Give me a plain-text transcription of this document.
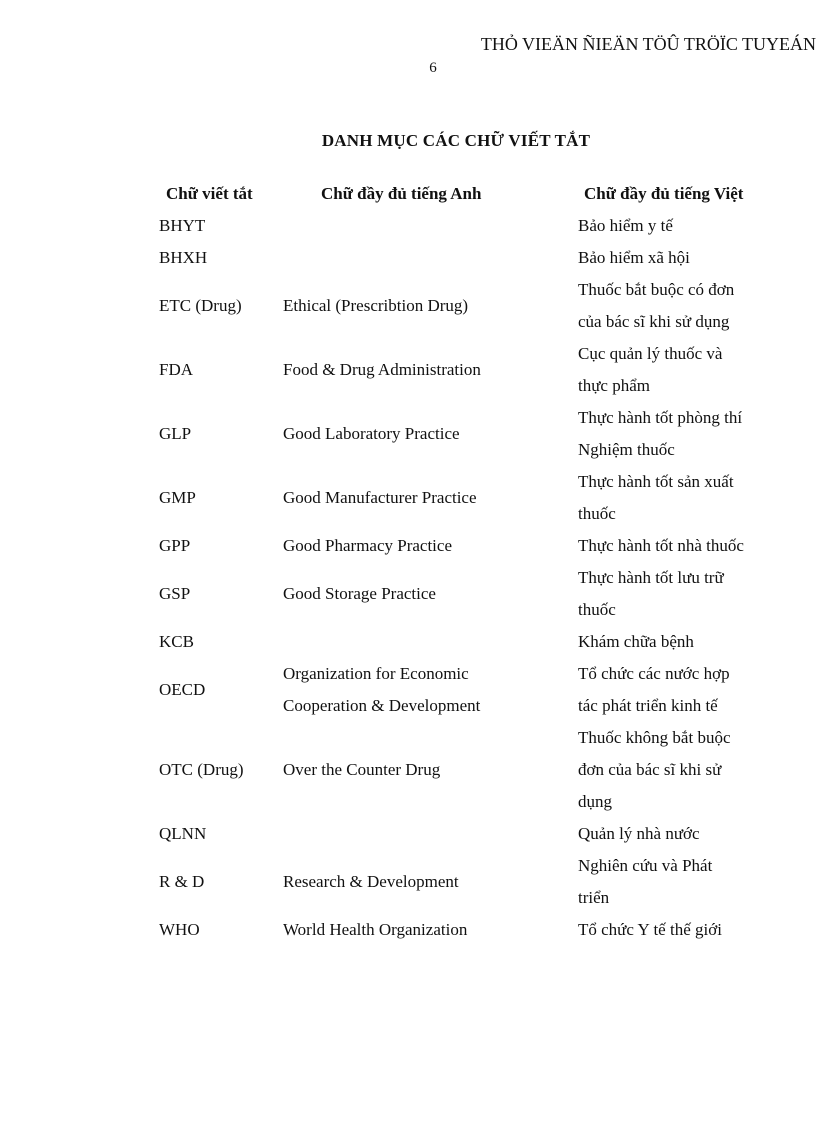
THỎ VIEÄN ÑIEÄN TÖÛ TRÖÏC TUYEÁN
6
DANH MỤC CÁC CHỮ VIẾT TẮT
Chữ viết tắt	Chữ đầy đủ tiếng Anh	Chữ đầy đủ tiếng Việt
BHYT		Bảo hiểm y tế

BHXH		Bảo hiểm xã hội

ETC (Drug)	Ethical (Prescribtion Drug)	Thuốc bắt buộc có đơn
của bác sĩ khi sử dụng

FDA	Food & Drug Administration	Cục quản lý thuốc và
thực phẩm

GLP	Good Laboratory Practice	Thực hành tốt phòng thí
Nghiệm thuốc

GMP	Good Manufacturer Practice	Thực hành tốt sản xuất
thuốc

GPP	Good Pharmacy Practice	Thực hành tốt nhà thuốc

GSP	Good Storage Practice	Thực hành tốt lưu trữ
thuốc

KCB		Khám chữa bệnh

OECD	Organization for Economic
Cooperation & Development	Tổ chức các nước hợp
tác phát triển kinh tế

OTC (Drug)	Over the Counter Drug	Thuốc không bắt buộc
đơn của bác sĩ khi sử
dụng

QLNN		Quản lý nhà nước

R & D	Research & Development	Nghiên cứu và Phát
triển

WHO	World Health Organization	Tổ chức Y tế thế giới
